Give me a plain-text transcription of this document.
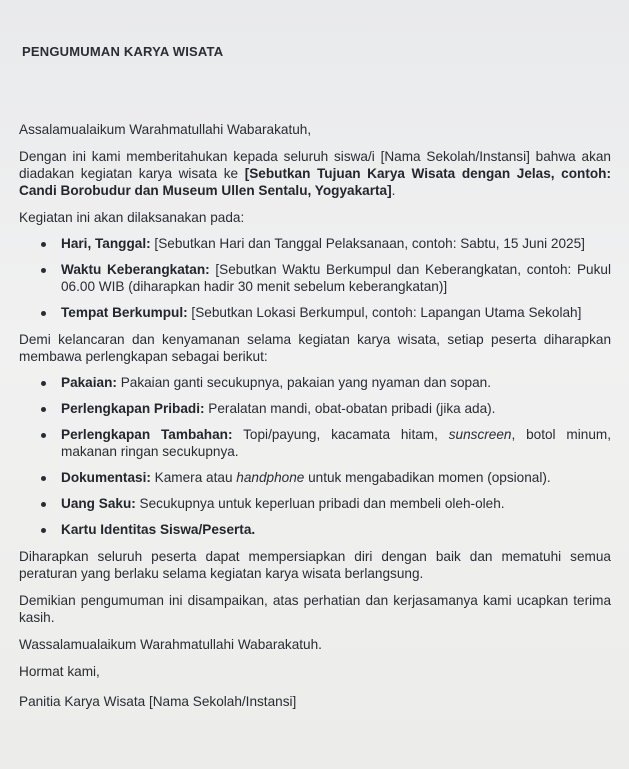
PENGUMUMAN KARYA WISATA

Assalamualaikum Warahmatullahi Wabarakatuh,

Dengan ini kami memberitahukan kepada seluruh siswa/i [Nama Sekolah/Instansi] bahwa akan diadakan kegiatan karya wisata ke [Sebutkan Tujuan Karya Wisata dengan Jelas, contoh: Candi Borobudur dan Museum Ullen Sentalu, Yogyakarta].

Kegiatan ini akan dilaksanakan pada:

Hari, Tanggal: [Sebutkan Hari dan Tanggal Pelaksanaan, contoh: Sabtu, 15 Juni 2025]
Waktu Keberangkatan: [Sebutkan Waktu Berkumpul dan Keberangkatan, contoh: Pukul 06.00 WIB (diharapkan hadir 30 menit sebelum keberangkatan)]
Tempat Berkumpul: [Sebutkan Lokasi Berkumpul, contoh: Lapangan Utama Sekolah]

Demi kelancaran dan kenyamanan selama kegiatan karya wisata, setiap peserta diharapkan membawa perlengkapan sebagai berikut:

Pakaian: Pakaian ganti secukupnya, pakaian yang nyaman dan sopan.
Perlengkapan Pribadi: Peralatan mandi, obat-obatan pribadi (jika ada).
Perlengkapan Tambahan: Topi/payung, kacamata hitam, sunscreen, botol minum, makanan ringan secukupnya.
Dokumentasi: Kamera atau handphone untuk mengabadikan momen (opsional).
Uang Saku: Secukupnya untuk keperluan pribadi dan membeli oleh-oleh.
Kartu Identitas Siswa/Peserta.

Diharapkan seluruh peserta dapat mempersiapkan diri dengan baik dan mematuhi semua peraturan yang berlaku selama kegiatan karya wisata berlangsung.

Demikian pengumuman ini disampaikan, atas perhatian dan kerjasamanya kami ucapkan terima kasih.

Wassalamualaikum Warahmatullahi Wabarakatuh.

Hormat kami,

Panitia Karya Wisata [Nama Sekolah/Instansi]
